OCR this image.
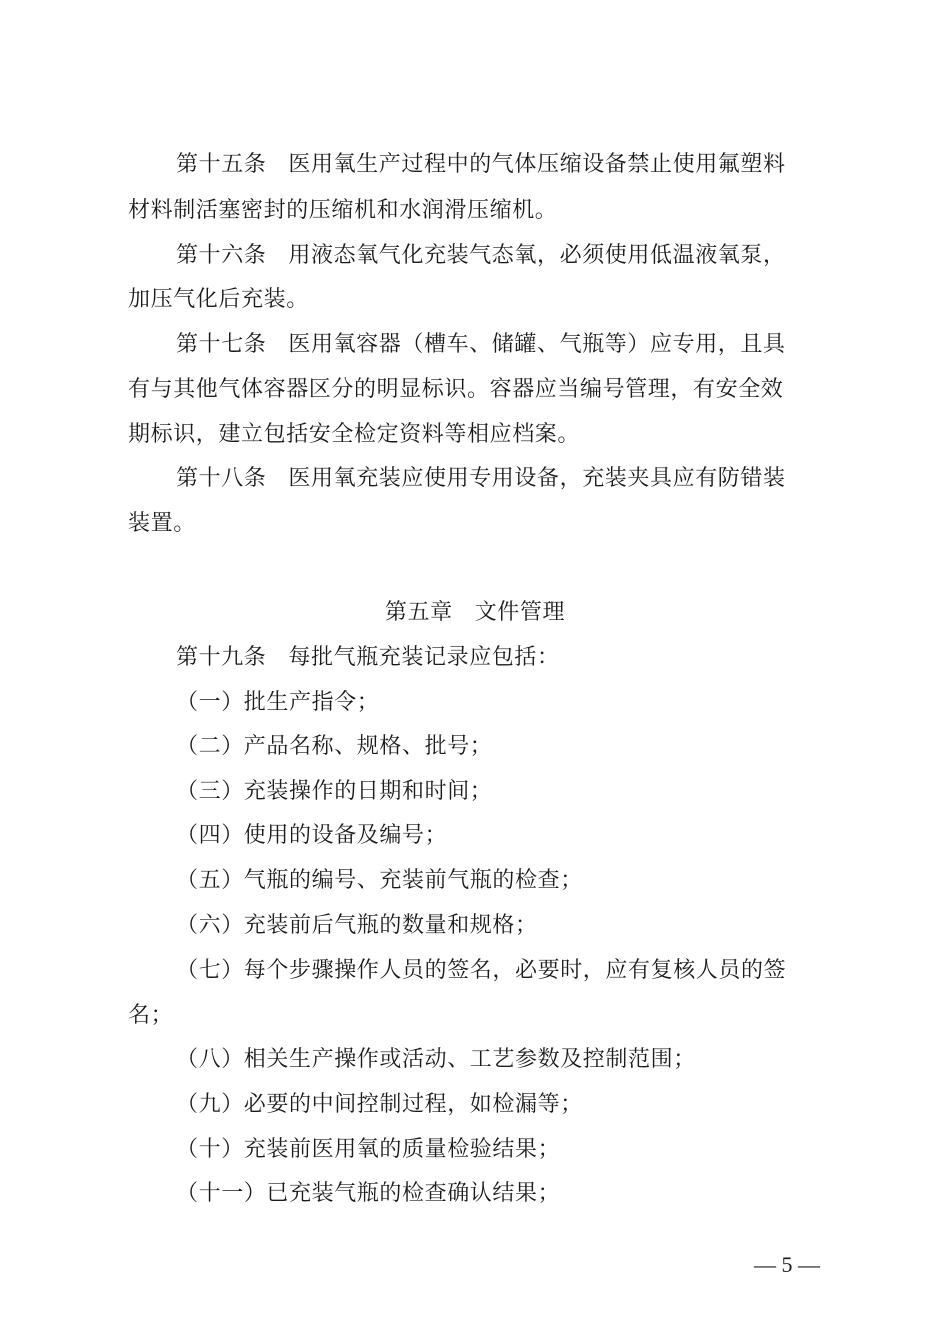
第十五条 医用氧生产过程中的气体压缩设备禁止使用氟塑料
材料制活塞密封的压缩机和水润滑压缩机。
第十六条 用液态氧气化充装气态氧，必须使用低温液氧泵，
加压气化后充装。
第十七条 医用氧容器（槽车、储罐、气瓶等）应专用，且具
有与其他气体容器区分的明显标识。容器应当编号管理，有安全效
期标识，建立包括安全检定资料等相应档案。
第十八条 医用氧充装应使用专用设备，充装夹具应有防错装
装置。
第五章 文件管理
第十九条 每批气瓶充装记录应包括：
（一）批生产指令；
（二）产品名称、规格、批号；
（三）充装操作的日期和时间；
（四）使用的设备及编号；
（五）气瓶的编号、充装前气瓶的检查；
（六）充装前后气瓶的数量和规格；
（七）每个步骤操作人员的签名，必要时，应有复核人员的签
名；
（八）相关生产操作或活动、工艺参数及控制范围；
（九）必要的中间控制过程，如检漏等；
（十）充装前医用氧的质量检验结果；
（十一）已充装气瓶的检查确认结果；
— 5 —
